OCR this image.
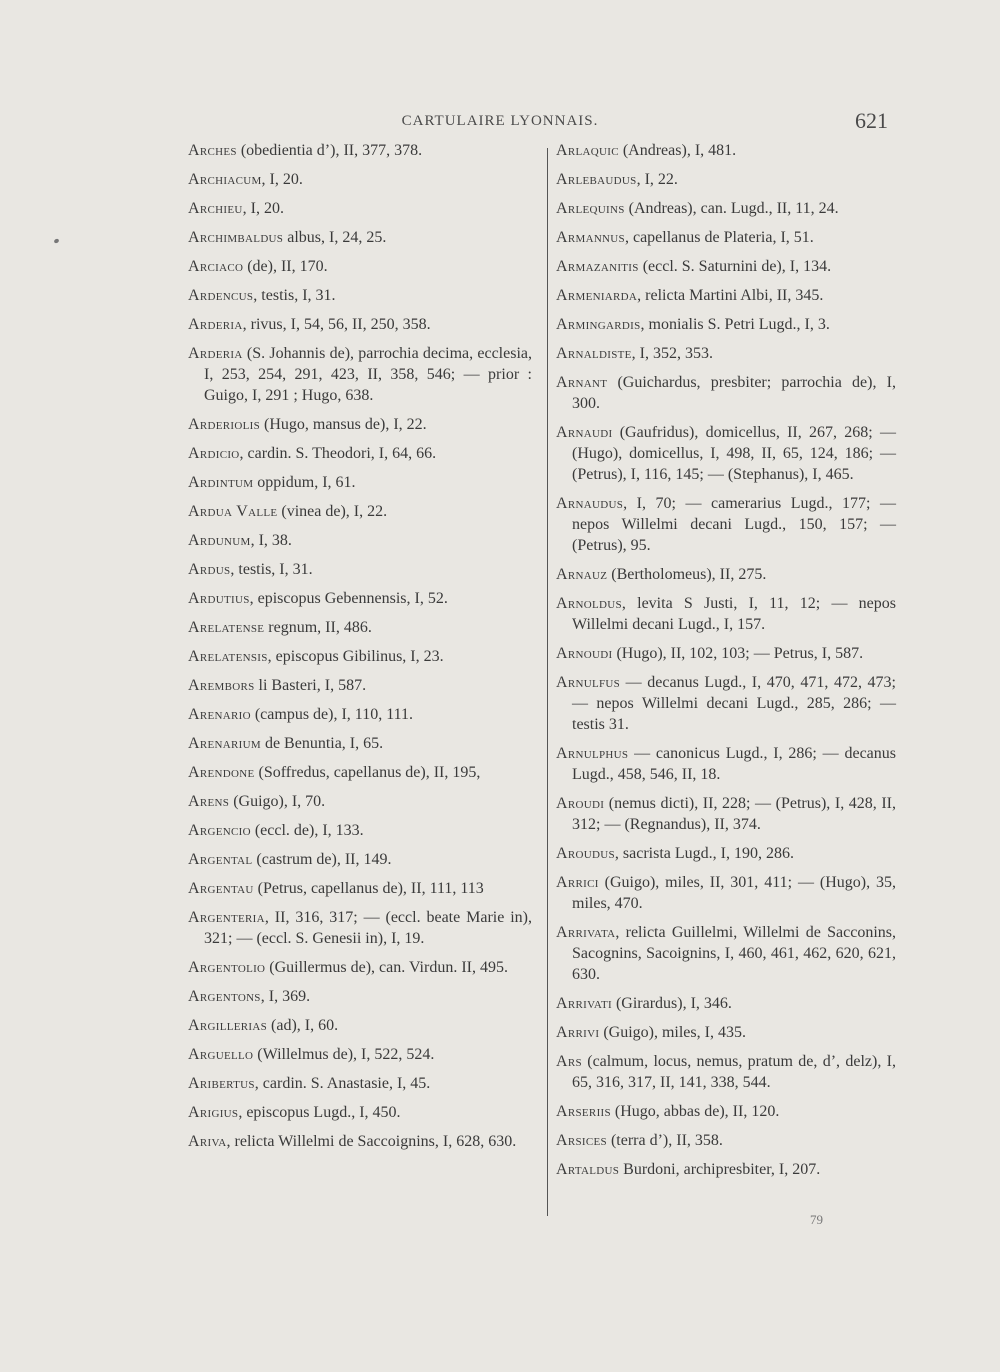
CARTULAIRE LYONNAIS.	621
Arches (obedientia d’), II, 377, 378.
Archiacum, I, 20.
Archieu, I, 20.
Archimbaldus albus, I, 24, 25.
Arciaco (de), II, 170.
Ardencus, testis, I, 31.
Arderia, rivus, I, 54, 56, II, 250, 358.
Arderia (S. Johannis de), parrochia decima, ecclesia, I, 253, 254, 291, 423, II, 358, 546; — prior : Guigo, I, 291 ; Hugo, 638.
Arderiolis (Hugo, mansus de), I, 22.
Ardicio, cardin. S. Theodori, I, 64, 66.
Ardintum oppidum, I, 61.
Ardua Valle (vinea de), I, 22.
Ardunum, I, 38.
Ardus, testis, I, 31.
Ardutius, episcopus Gebennensis, I, 52.
Arelatense regnum, II, 486.
Arelatensis, episcopus Gibilinus, I, 23.
Arembors li Basteri, I, 587.
Arenario (campus de), I, 110, 111.
Arenarium de Benuntia, I, 65.
Arendone (Soffredus, capellanus de), II, 195,
Arens (Guigo), I, 70.
Argencio (eccl. de), I, 133.
Argental (castrum de), II, 149.
Argentau (Petrus, capellanus de), II, 111, 113
Argenteria, II, 316, 317; — (eccl. beate Marie in), 321; — (eccl. S. Genesii in), I, 19.
Argentolio (Guillermus de), can. Virdun. II, 495.
Argentons, I, 369.
Argillerias (ad), I, 60.
Arguello (Willelmus de), I, 522, 524.
Aribertus, cardin. S. Anastasie, I, 45.
Arigius, episcopus Lugd., I, 450.
Ariva, relicta Willelmi de Saccoignins, I, 628, 630.
Arlaquic (Andreas), I, 481.
Arlebaudus, I, 22.
Arlequins (Andreas), can. Lugd., II, 11, 24.
Armannus, capellanus de Plateria, I, 51.
Armazanitis (eccl. S. Saturnini de), I, 134.
Armeniarda, relicta Martini Albi, II, 345.
Armingardis, monialis S. Petri Lugd., I, 3.
Arnaldiste, I, 352, 353.
Arnant (Guichardus, presbiter; parrochia de), I, 300.
Arnaudi (Gaufridus), domicellus, II, 267, 268; — (Hugo), domicellus, I, 498, II, 65, 124, 186; — (Petrus), I, 116, 145; — (Stephanus), I, 465.
Arnaudus, I, 70; — camerarius Lugd., 177; — nepos Willelmi decani Lugd., 150, 157; — (Petrus), 95.
Arnauz (Bertholomeus), II, 275.
Arnoldus, levita S Justi, I, 11, 12; — nepos Willelmi decani Lugd., I, 157.
Arnoudi (Hugo), II, 102, 103; — Petrus, I, 587.
Arnulfus — decanus Lugd., I, 470, 471, 472, 473; — nepos Willelmi decani Lugd., 285, 286; — testis 31.
Arnulphus — canonicus Lugd., I, 286; — decanus Lugd., 458, 546, II, 18.
Aroudi (nemus dicti), II, 228; — (Petrus), I, 428, II, 312; — (Regnandus), II, 374.
Aroudus, sacrista Lugd., I, 190, 286.
Arrici (Guigo), miles, II, 301, 411; — (Hugo), 35, miles, 470.
Arrivata, relicta Guillelmi, Willelmi de Sacconins, Sacognins, Sacoignins, I, 460, 461, 462, 620, 621, 630.
Arrivati (Girardus), I, 346.
Arrivi (Guigo), miles, I, 435.
Ars (calmum, locus, nemus, pratum de, d’, delz), I, 65, 316, 317, II, 141, 338, 544.
Arseriis (Hugo, abbas de), II, 120.
Arsices (terra d’), II, 358.
Artaldus Burdoni, archipresbiter, I, 207.
79
